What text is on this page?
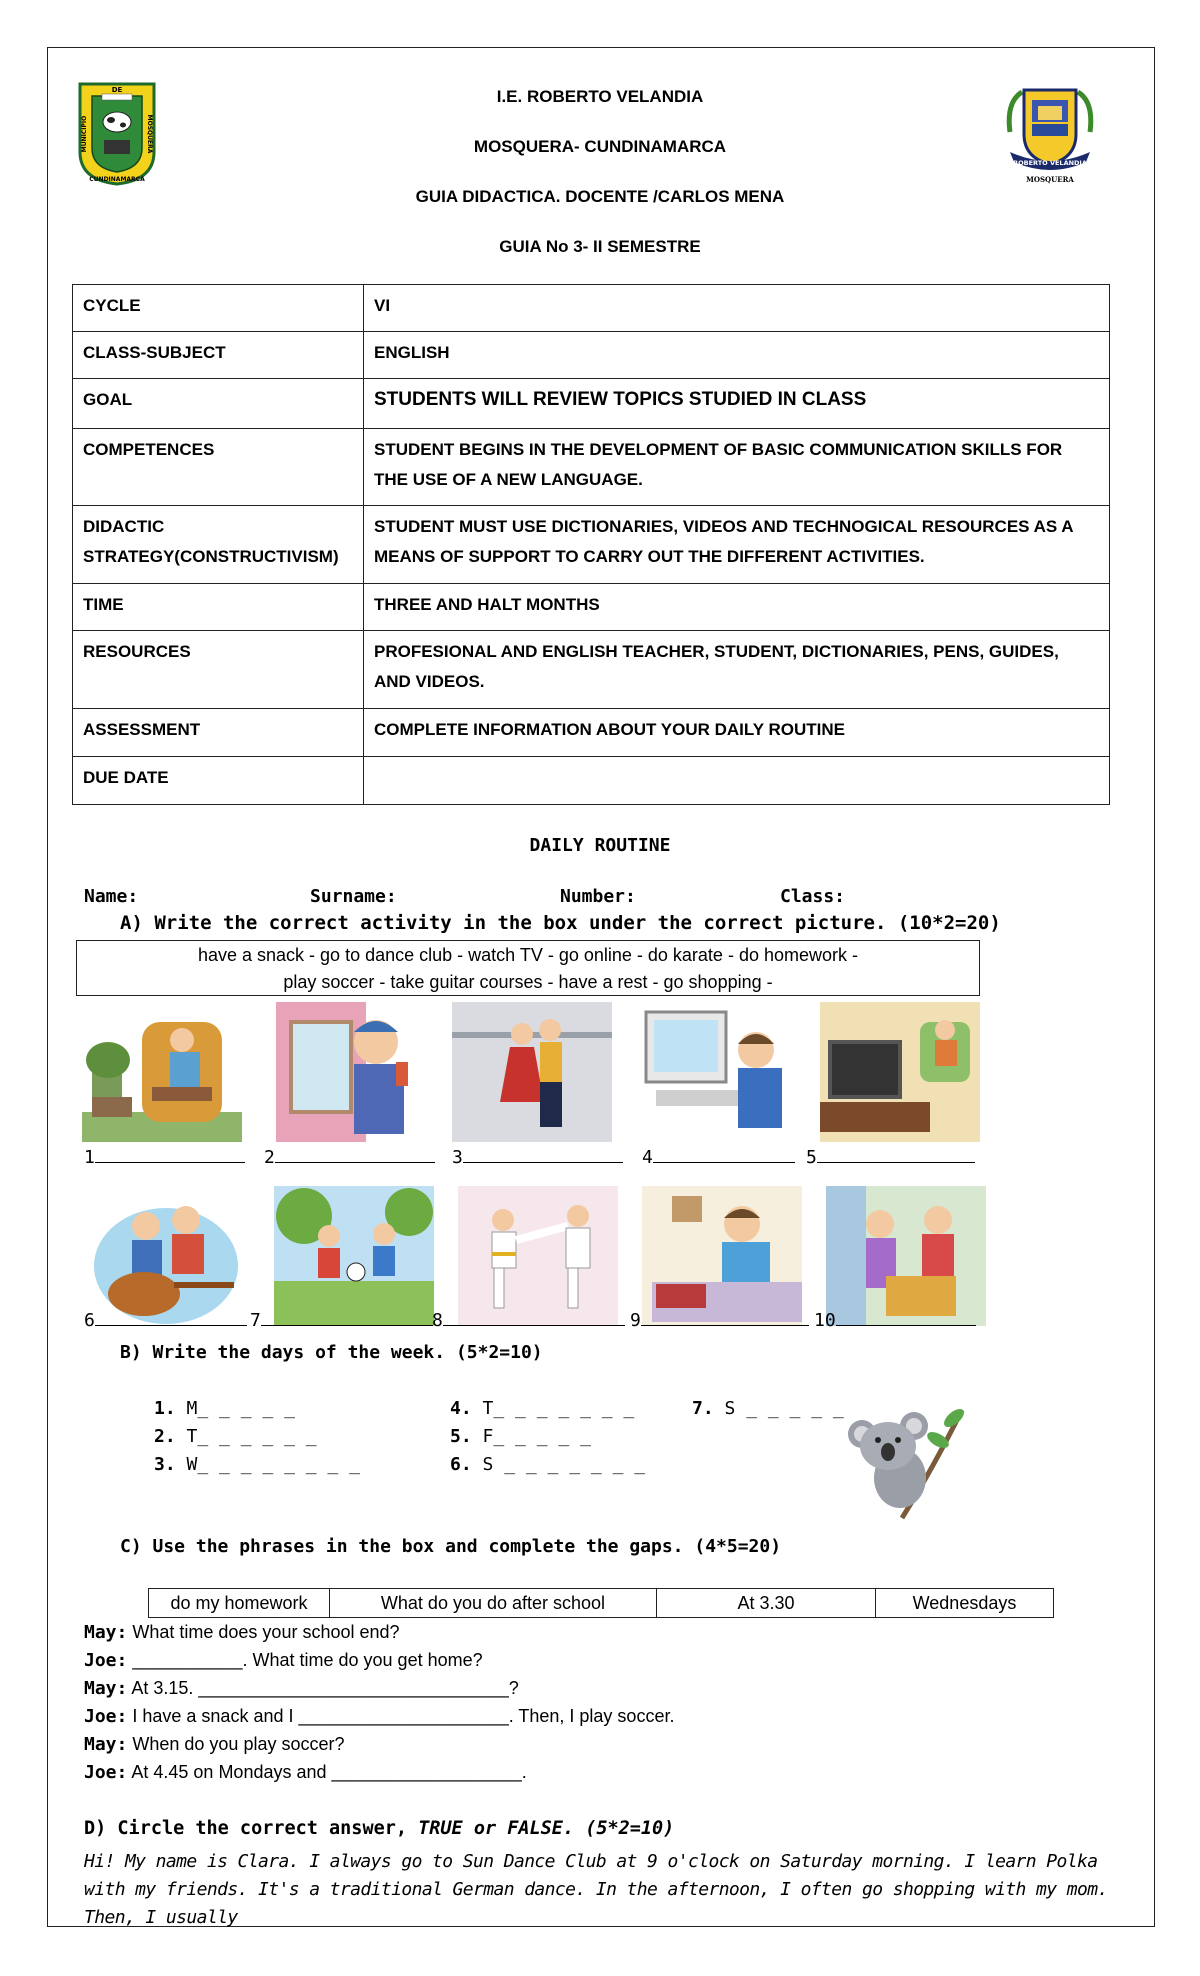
DE
MUNICIPIO	MOSQUERA
CUNDINAMARCA
ROBERTO VELANDIA
MOSQUERA
I.E. ROBERTO VELANDIA
MOSQUERA- CUNDINAMARCA
GUIA DIDACTICA. DOCENTE /CARLOS MENA
GUIA No 3- II SEMESTRE
CYCLE	VI
CLASS-SUBJECT	ENGLISH
GOAL	STUDENTS WILL REVIEW TOPICS STUDIED IN CLASS
COMPETENCES	STUDENT BEGINS IN THE DEVELOPMENT OF BASIC COMMUNICATION SKILLS FOR THE USE OF A NEW LANGUAGE.
DIDACTIC STRATEGY(CONSTRUCTIVISM)	STUDENT MUST USE DICTIONARIES, VIDEOS AND TECHNOGICAL RESOURCES AS A MEANS OF SUPPORT TO CARRY OUT THE DIFFERENT ACTIVITIES.
TIME	THREE AND HALT MONTHS
RESOURCES	PROFESIONAL AND ENGLISH TEACHER, STUDENT, DICTIONARIES, PENS, GUIDES, AND VIDEOS.
ASSESSMENT	COMPLETE INFORMATION ABOUT YOUR DAILY ROUTINE
DUE DATE	
DAILY ROUTINE
Name:	Surname:	Number:	Class:
A) Write the correct activity in the box under the correct picture. (10*2=20)
have a snack - go to dance club - watch TV - go online - do karate - do homework -
play soccer - take guitar courses - have a rest - go shopping -
1	2	3	4	5
6	7	8	9	10
B) Write the days of the week. (5*2=10)
1. M_ _ _ _ _
2. T_ _ _ _ _ _
3. W_ _ _ _ _ _ _ _
4. T_ _ _ _ _ _ _
5. F_ _ _ _ _
6. S _ _ _ _ _ _ _
7. S _ _ _ _ _
C) Use the phrases in the box and complete the gaps. (4*5=20)
do my homework	What do you do after school	At 3.30	Wednesdays
May: What time does your school end?
Joe: ___________. What time do you get home?
May: At 3.15. _______________________________?
Joe: I have a snack and I _____________________. Then, I play soccer.
May: When do you play soccer?
Joe: At 4.45 on Mondays and ___________________.
D) Circle the correct answer, TRUE or FALSE. (5*2=10)
Hi! My name is Clara. I always go to Sun Dance Club at 9 o'clock on Saturday morning. I learn Polka with my friends. It's a traditional German dance. In the afternoon, I often go shopping with my mom. Then, I usually
